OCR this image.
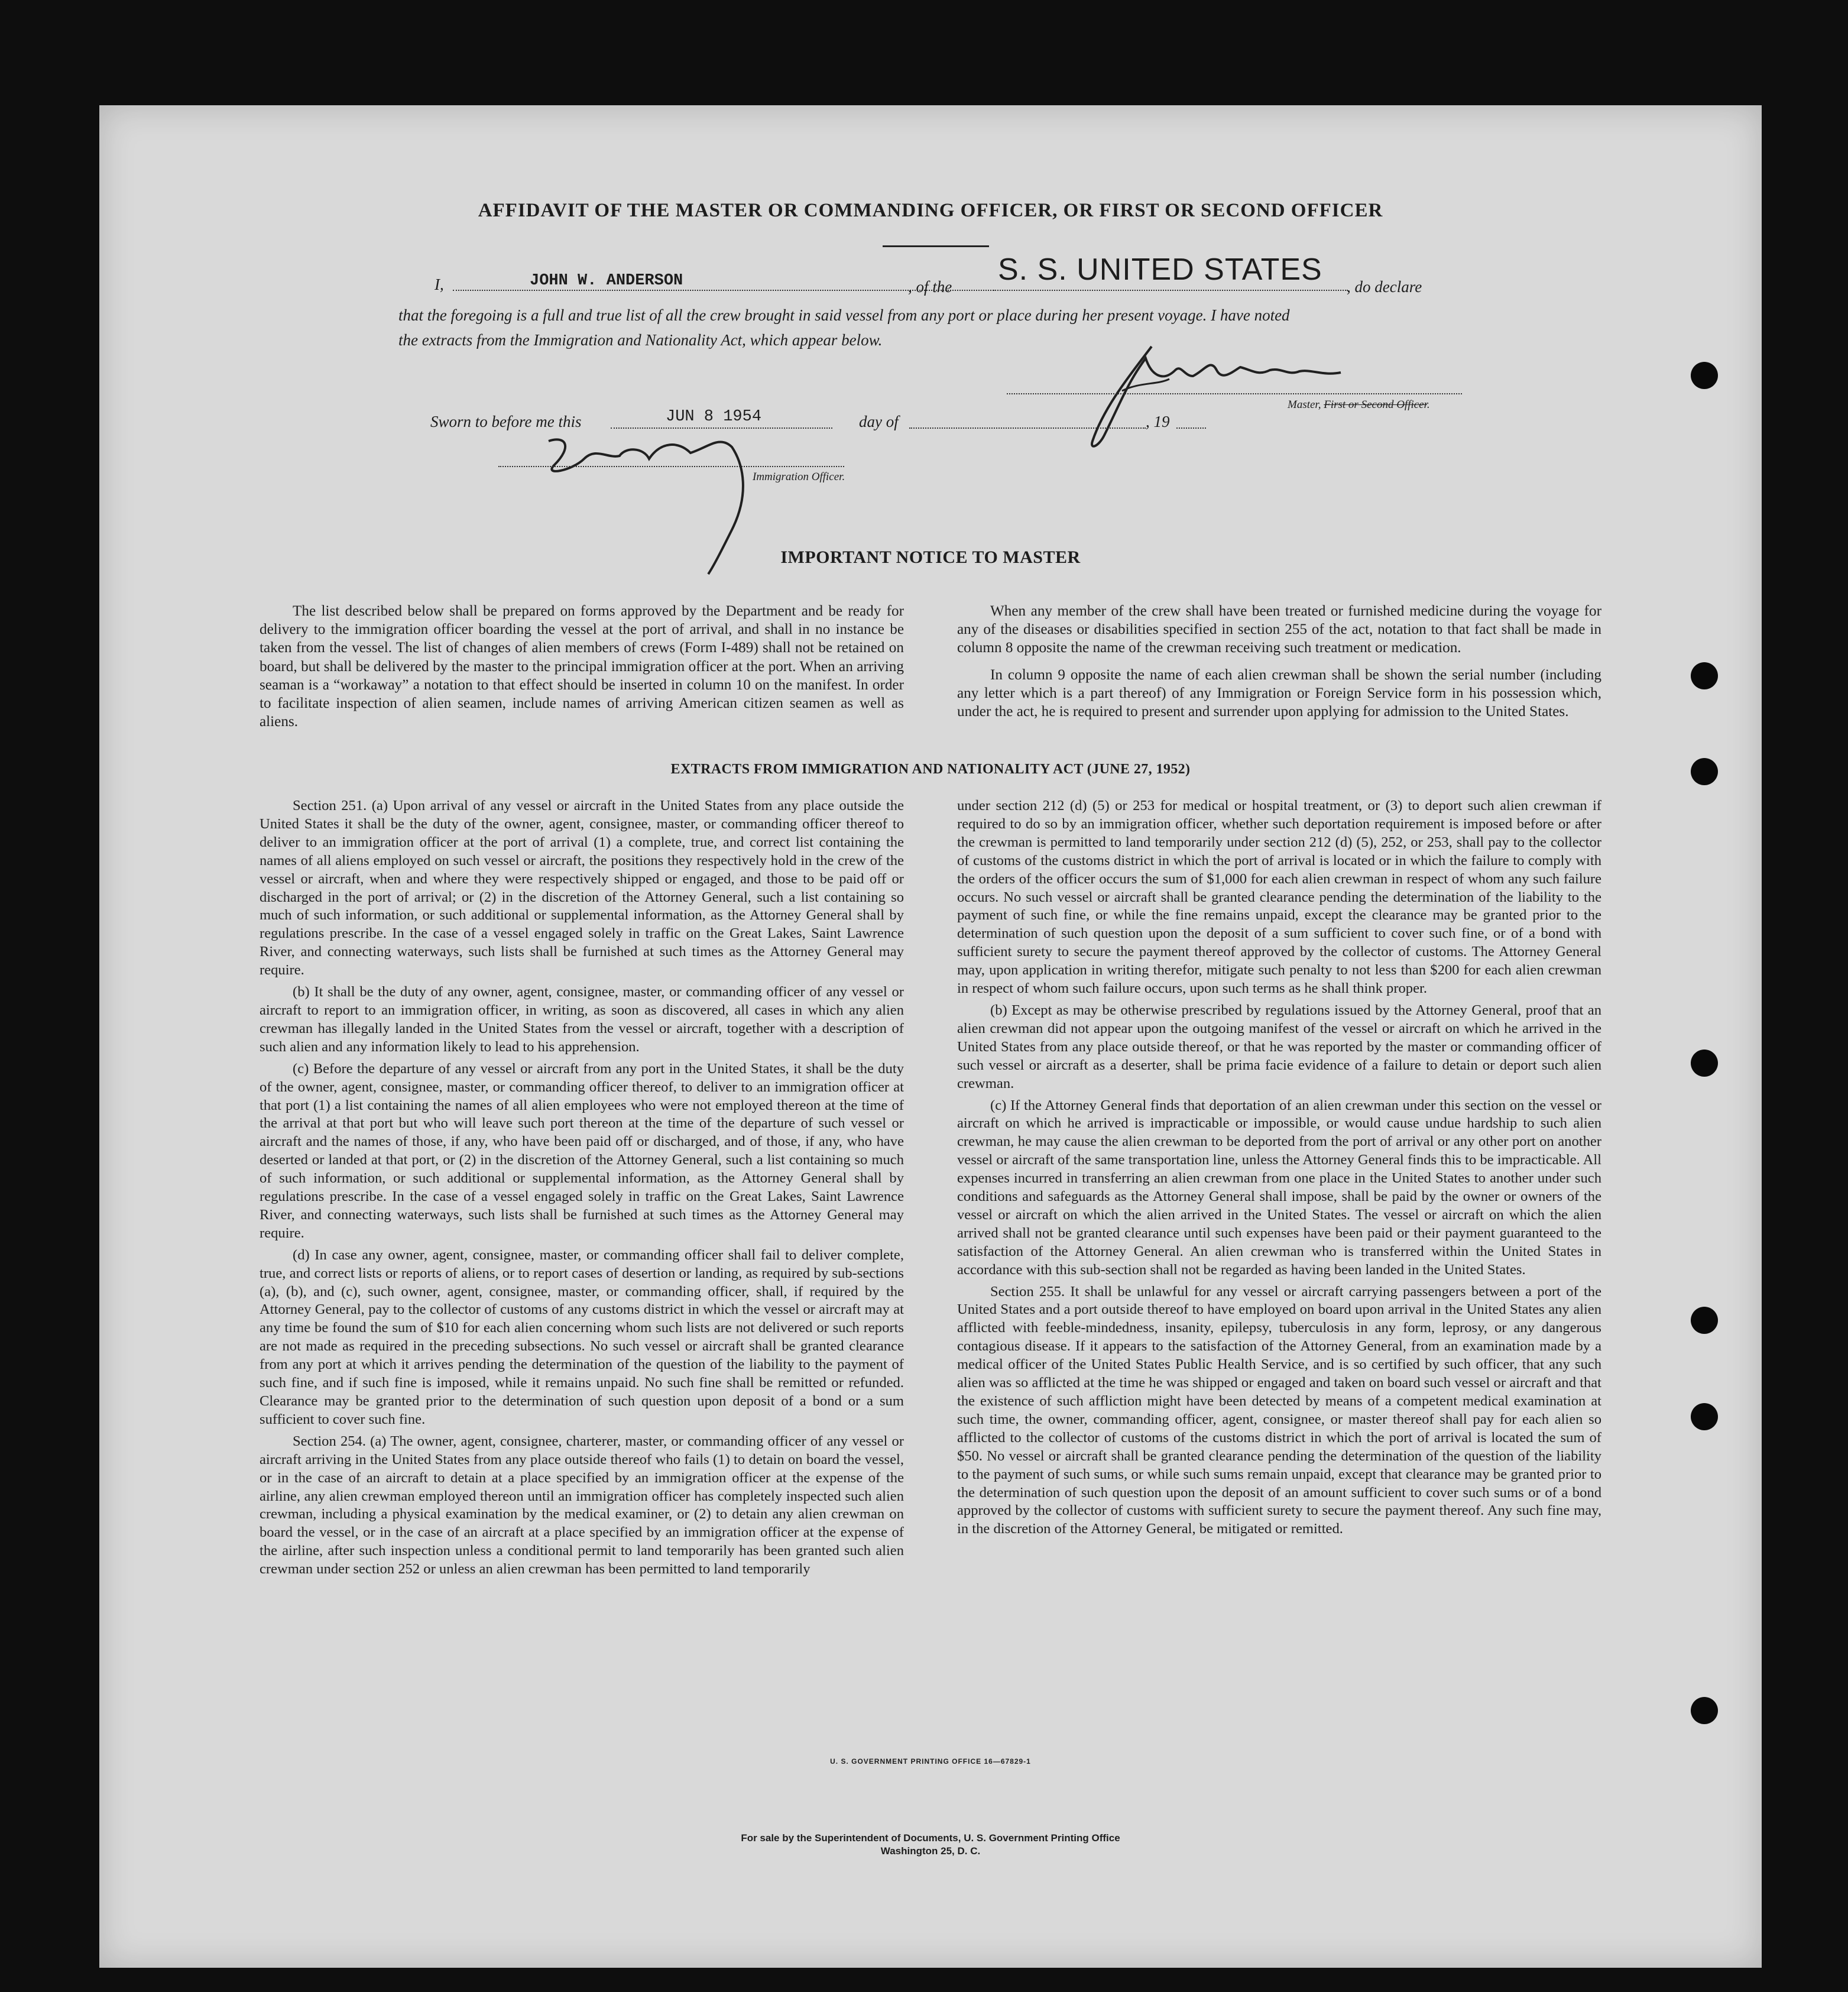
AFFIDAVIT OF THE MASTER OR COMMANDING OFFICER, OR FIRST OR SECOND OFFICER
I,	JOHN W. ANDERSON	, of the S. S. UNITED STATES , do declare
that the foregoing is a full and true list of all the crew brought in said vessel from any port or place during her present voyage. I have noted
the extracts from the Immigration and Nationality Act, which appear below.
Master, First or Second Officer.
Sworn to before me this	JUN 8 1954	day of	, 19
Immigration Officer.
IMPORTANT NOTICE TO MASTER

The list described below shall be prepared on forms approved by the Department and be ready for delivery to the immigration officer boarding the vessel at the port of arrival, and shall in no instance be taken from the vessel. The list of changes of alien members of crews (Form I-489) shall not be retained on board, but shall be delivered by the master to the principal immigration officer at the port. When an arriving seaman is a “workaway” a notation to that effect should be inserted in column 10 on the manifest. In order to facilitate inspection of alien seamen, include names of arriving American citizen seamen as well as aliens.

When any member of the crew shall have been treated or furnished medicine during the voyage for any of the diseases or disabilities specified in section 255 of the act, notation to that fact shall be made in column 8 opposite the name of the crewman receiving such treatment or medication.

In column 9 opposite the name of each alien crewman shall be shown the serial number (including any letter which is a part thereof) of any Immigration or Foreign Service form in his possession which, under the act, he is required to present and surrender upon applying for admission to the United States.

EXTRACTS FROM IMMIGRATION AND NATIONALITY ACT (JUNE 27, 1952)

Section 251. (a) Upon arrival of any vessel or aircraft in the United States from any place outside the United States it shall be the duty of the owner, agent, consignee, master, or commanding officer thereof to deliver to an immigration officer at the port of arrival (1) a complete, true, and correct list containing the names of all aliens employed on such vessel or aircraft, the positions they respectively hold in the crew of the vessel or aircraft, when and where they were respectively shipped or engaged, and those to be paid off or discharged in the port of arrival; or (2) in the discretion of the Attorney General, such a list containing so much of such information, or such additional or supplemental information, as the Attorney General shall by regulations prescribe. In the case of a vessel engaged solely in traffic on the Great Lakes, Saint Lawrence River, and connecting waterways, such lists shall be furnished at such times as the Attorney General may require.

(b) It shall be the duty of any owner, agent, consignee, master, or commanding officer of any vessel or aircraft to report to an immigration officer, in writing, as soon as discovered, all cases in which any alien crewman has illegally landed in the United States from the vessel or aircraft, together with a description of such alien and any information likely to lead to his apprehension.

(c) Before the departure of any vessel or aircraft from any port in the United States, it shall be the duty of the owner, agent, consignee, master, or commanding officer thereof, to deliver to an immigration officer at that port (1) a list containing the names of all alien employees who were not employed thereon at the time of the arrival at that port but who will leave such port thereon at the time of the departure of such vessel or aircraft and the names of those, if any, who have been paid off or discharged, and of those, if any, who have deserted or landed at that port, or (2) in the discretion of the Attorney General, such a list containing so much of such information, or such additional or supplemental information, as the Attorney General shall by regulations prescribe. In the case of a vessel engaged solely in traffic on the Great Lakes, Saint Lawrence River, and connecting waterways, such lists shall be furnished at such times as the Attorney General may require.

(d) In case any owner, agent, consignee, master, or commanding officer shall fail to deliver complete, true, and correct lists or reports of aliens, or to report cases of desertion or landing, as required by sub-sections (a), (b), and (c), such owner, agent, consignee, master, or commanding officer, shall, if required by the Attorney General, pay to the collector of customs of any customs district in which the vessel or aircraft may at any time be found the sum of $10 for each alien concerning whom such lists are not delivered or such reports are not made as required in the preceding subsections. No such vessel or aircraft shall be granted clearance from any port at which it arrives pending the determination of the question of the liability to the payment of such fine, and if such fine is imposed, while it remains unpaid. No such fine shall be remitted or refunded. Clearance may be granted prior to the determination of such question upon deposit of a bond or a sum sufficient to cover such fine.

Section 254. (a) The owner, agent, consignee, charterer, master, or commanding officer of any vessel or aircraft arriving in the United States from any place outside thereof who fails (1) to detain on board the vessel, or in the case of an aircraft to detain at a place specified by an immigration officer at the expense of the airline, any alien crewman employed thereon until an immigration officer has completely inspected such alien crewman, including a physical examination by the medical examiner, or (2) to detain any alien crewman on board the vessel, or in the case of an aircraft at a place specified by an immigration officer at the expense of the airline, after such inspection unless a conditional permit to land temporarily has been granted such alien crewman under section 252 or unless an alien crewman has been permitted to land temporarily

under section 212 (d) (5) or 253 for medical or hospital treatment, or (3) to deport such alien crewman if required to do so by an immigration officer, whether such deportation requirement is imposed before or after the crewman is permitted to land temporarily under section 212 (d) (5), 252, or 253, shall pay to the collector of customs of the customs district in which the port of arrival is located or in which the failure to comply with the orders of the officer occurs the sum of $1,000 for each alien crewman in respect of whom any such failure occurs. No such vessel or aircraft shall be granted clearance pending the determination of the liability to the payment of such fine, or while the fine remains unpaid, except the clearance may be granted prior to the determination of such question upon the deposit of a sum sufficient to cover such fine, or of a bond with sufficient surety to secure the payment thereof approved by the collector of customs. The Attorney General may, upon application in writing therefor, mitigate such penalty to not less than $200 for each alien crewman in respect of whom such failure occurs, upon such terms as he shall think proper.

(b) Except as may be otherwise prescribed by regulations issued by the Attorney General, proof that an alien crewman did not appear upon the outgoing manifest of the vessel or aircraft on which he arrived in the United States from any place outside thereof, or that he was reported by the master or commanding officer of such vessel or aircraft as a deserter, shall be prima facie evidence of a failure to detain or deport such alien crewman.

(c) If the Attorney General finds that deportation of an alien crewman under this section on the vessel or aircraft on which he arrived is impracticable or impossible, or would cause undue hardship to such alien crewman, he may cause the alien crewman to be deported from the port of arrival or any other port on another vessel or aircraft of the same transportation line, unless the Attorney General finds this to be impracticable. All expenses incurred in transferring an alien crewman from one place in the United States to another under such conditions and safeguards as the Attorney General shall impose, shall be paid by the owner or owners of the vessel or aircraft on which the alien arrived in the United States. The vessel or aircraft on which the alien arrived shall not be granted clearance until such expenses have been paid or their payment guaranteed to the satisfaction of the Attorney General. An alien crewman who is transferred within the United States in accordance with this sub-section shall not be regarded as having been landed in the United States.

Section 255. It shall be unlawful for any vessel or aircraft carrying passengers between a port of the United States and a port outside thereof to have employed on board upon arrival in the United States any alien afflicted with feeble-mindedness, insanity, epilepsy, tuberculosis in any form, leprosy, or any dangerous contagious disease. If it appears to the satisfaction of the Attorney General, from an examination made by a medical officer of the United States Public Health Service, and is so certified by such officer, that any such alien was so afflicted at the time he was shipped or engaged and taken on board such vessel or aircraft and that the existence of such affliction might have been detected by means of a competent medical examination at such time, the owner, commanding officer, agent, consignee, or master thereof shall pay for each alien so afflicted to the collector of customs of the customs district in which the port of arrival is located the sum of $50. No vessel or aircraft shall be granted clearance pending the determination of the question of the liability to the payment of such sums, or while such sums remain unpaid, except that clearance may be granted prior to the determination of such question upon the deposit of an amount sufficient to cover such sums or of a bond approved by the collector of customs with sufficient surety to secure the payment thereof. Any such fine may, in the discretion of the Attorney General, be mitigated or remitted.

U. S. GOVERNMENT PRINTING OFFICE 16—67829-1
For sale by the Superintendent of Documents, U. S. Government Printing Office
Washington 25, D. C.
